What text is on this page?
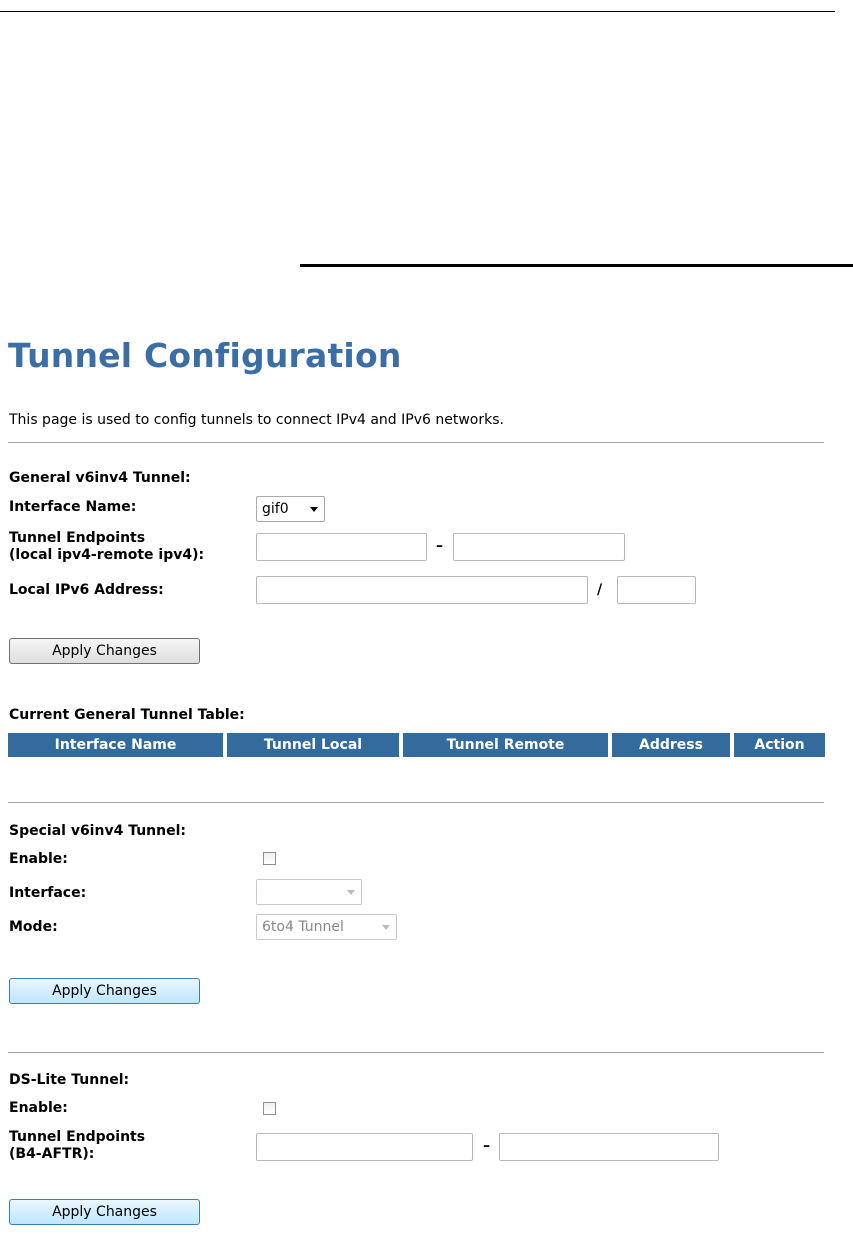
Tunnel Configuration
This page is used to config tunnels to connect IPv4 and IPv6 networks.
General v6inv4 Tunnel:
Interface Name:	gif0
Tunnel Endpoints
(local ipv4-remote ipv4):
–
Local IPv6 Address:	/
Apply Changes
Current General Tunnel Table:
Interface Name	Tunnel Local	Tunnel Remote	Address	Action
Special v6inv4 Tunnel:
Enable:
Interface:
Mode:	6to4 Tunnel
Apply Changes
DS-Lite Tunnel:
Enable:
Tunnel Endpoints
(B4-AFTR):	–
Apply Changes
